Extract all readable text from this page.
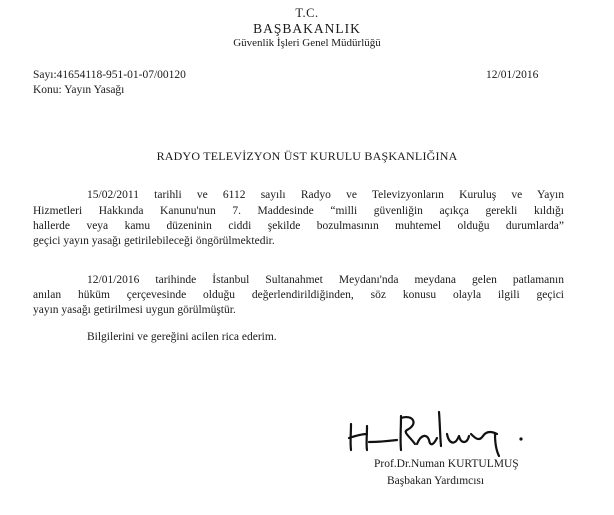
T.C.
BAŞBAKANLIK
Güvenlik İşleri Genel Müdürlüğü
Sayı:41654118-951-01-07/00120	12/01/2016
Konu: Yayın Yasağı
RADYO TELEVİZYON ÜST KURULU BAŞKANLIĞINA
15/02/2011 tarihli ve 6112 sayılı Radyo ve Televizyonların Kuruluş ve Yayın
Hizmetleri Hakkında Kanunu'nun 7. Maddesinde “milli güvenliğin açıkça gerekli kıldığı
hallerde veya kamu düzeninin ciddi şekilde bozulmasının muhtemel olduğu durumlarda”
geçici yayın yasağı getirilebileceği öngörülmektedir.
12/01/2016 tarihinde İstanbul Sultanahmet Meydanı'nda meydana gelen patlamanın
anılan hüküm çerçevesinde olduğu değerlendirildiğinden, söz konusu olayla ilgili geçici
yayın yasağı getirilmesi uygun görülmüştür.
Bilgilerini ve gereğini acilen rica ederim.
Prof.Dr.Numan KURTULMUŞ
Başbakan Yardımcısı
